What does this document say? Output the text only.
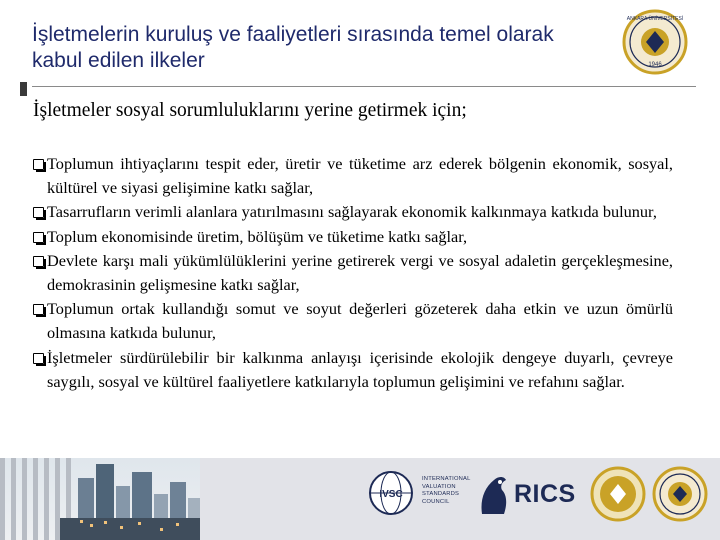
İşletmelerin kuruluş ve faaliyetleri sırasında temel olarak
kabul edilen ilkeler
ANKARA ÜNİVERSİTESİ
1946
İşletmeler sosyal sorumluluklarını yerine getirmek için;
Toplumun ihtiyaçlarını tespit eder, üretir ve tüketime arz ederek bölgenin ekonomik, sosyal, kültürel ve siyasi gelişimine katkı sağlar,
Tasarrufların verimli alanlara yatırılmasını sağlayarak ekonomik kalkınmaya katkıda bulunur,
Toplum ekonomisinde üretim, bölüşüm ve tüketime katkı sağlar,
Devlete karşı mali yükümlülüklerini yerine getirerek vergi ve sosyal adaletin gerçekleşmesine, demokrasinin gelişmesine katkı sağlar,
Toplumun ortak kullandığı somut ve soyut değerleri gözeterek daha etkin ve uzun ömürlü olmasına katkıda bulunur,
İşletmeler sürdürülebilir bir kalkınma anlayışı içerisinde ekolojik dengeye duyarlı, çevreye saygılı, sosyal ve kültürel faaliyetlere katkılarıyla toplumun gelişimini ve refahını sağlar.
IVSC
INTERNATIONAL
VALUATION
STANDARDS
COUNCIL	RICS
